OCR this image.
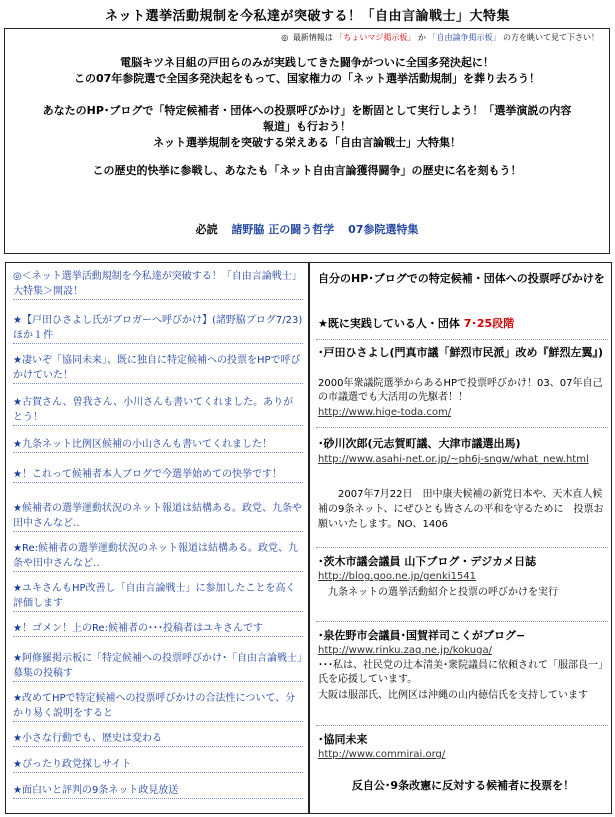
ネット選挙活動規制を今私達が突破する！「自由言論戦士」大特集
◎ 最新情報は 「ちょいマジ掲示板」 か 「自由論争掲示板」 の方を眺いて見て下さい！
電脳キツネ目組の戸田らのみが実践してきた闘争がついに全国多発決起に！
この07年参院選で全国多発決起をもって、国家権力の「ネット選挙活動規制」を葬り去ろう！
あなたのHP･ブログで「特定候補者・団体への投票呼びかけ」を断固として実行しよう！「選挙演説の内容
報道」も行おう！
ネット選挙規制を突破する栄えある「自由言論戦士」大特集！
この歴史的快挙に参戦し、あなたも「ネット自由言論獲得闘争」の歴史に名を刻もう！
必読 諸野脇 正の闘う哲学 07参院選特集
◎＜ネット選挙活動規制を今私達が突破する！「自由言論戦士」大特集＞開設！
★【戸田ひさよし氏がブロガーへ呼びかけ】(諸野脇ブログ7/23)ほか１件
★凄いぞ「協同未来」、既に独自に特定候補への投票をHPで呼びかけていた！
★古賀さん、曽我さん、小川さんも書いてくれました。ありがとう！
★九条ネット比例区候補の小山さんも書いてくれました！
★！これって候補者本人ブログで今選挙始めての快挙です！
★候補者の選挙運動状況のネット報道は結構ある。政党、九条や田中さんなど‥
★Re:候補者の選挙運動状況のネット報道は結構ある。政党、九条や田中さんなど‥
★ユキさんもHP改善し「自由言論戦士」に参加したことを高く評価します
★！ゴメン！上のRe:候補者の･･･投稿者はユキさんです
★阿修羅掲示板に「特定候補への投票呼びかけ･「自由言論戦士」募集の投稿す
★改めてHPで特定候補への投票呼びかけの合法性について、分かり易く説明をすると
★小さな行動でも、歴史は変わる
★ぴったり政党探しサイト
★面白いと評判の9条ネット政見放送
自分のHP･ブログでの特定候補・団体への投票呼びかけを
★既に実践している人・団体 7･25段階
･戸田ひさよし(門真市議「鮮烈市民派」改め『鮮烈左翼』)
2000年衆議院選挙からあるHPで投票呼びかけ！03、07年自己の市議選でも大活用の先駆者！！
http://www.hige-toda.com/
･砂川次郎(元志賀町議、大津市議選出馬)
http://www.asahi-net.or.jp/~ph6j-sngw/what_new.html
2007年7月22日　田中康夫候補の新党日本や、天木直人候補の9条ネット、にぜひとも皆さんの平和を守るために　投票お願いいたします。NO、1406
･茨木市議会議員 山下ブログ・デジカメ日誌
http://blog.goo.ne.jp/genki1541
九条ネットの選挙活動紹介と投票の呼びかけを実行
･泉佐野市会議員･国賀祥司こくがブログ−
http://www.rinku.zaq.ne.jp/kokuga/
･･･私は、社民党の辻本清美･衆院議員に依頼されて「服部良一」氏を応援しています。
大阪は服部氏、比例区は沖縄の山内徳信氏を支持しています
･協同未来
http://www.commirai.org/
反自公･9条改憲に反対する候補者に投票を！
